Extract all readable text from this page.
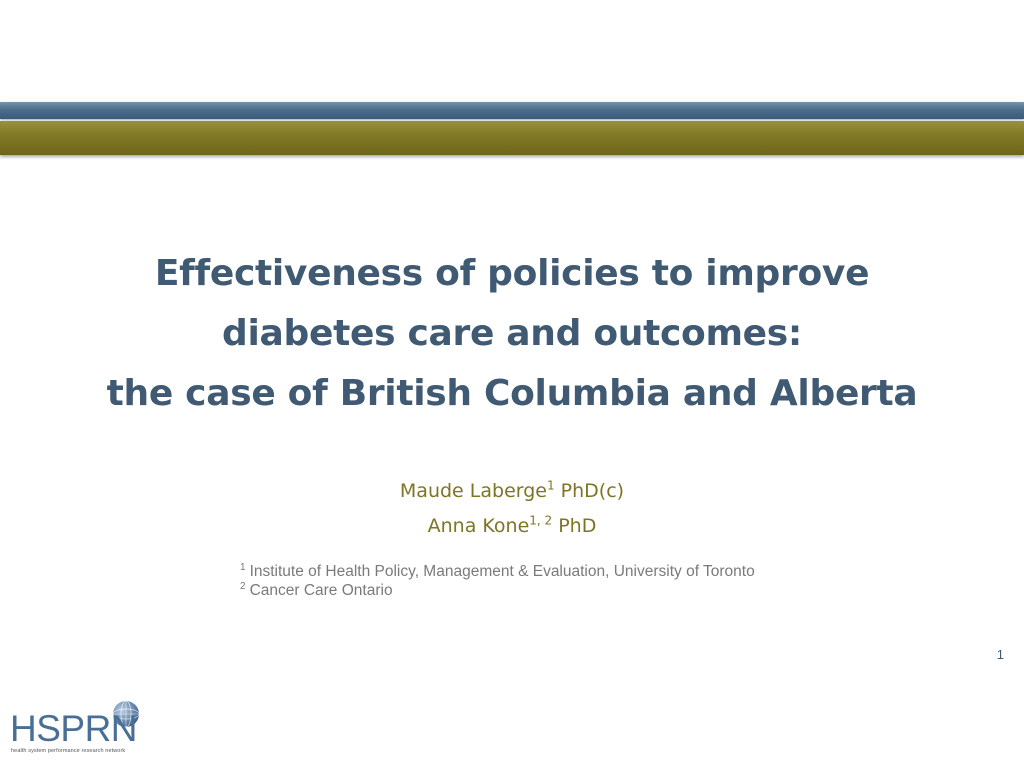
Effectiveness of policies to improve
diabetes care and outcomes:
the case of British Columbia and Alberta
Maude Laberge$^1$ PhD(c)
Anna Kone$^{1, 2}$ PhD
$^1$ Institute of Health Policy, Management & Evaluation, University of Toronto
$^2$ Cancer Care Ontario
1
HSPRN
health system performance research network
